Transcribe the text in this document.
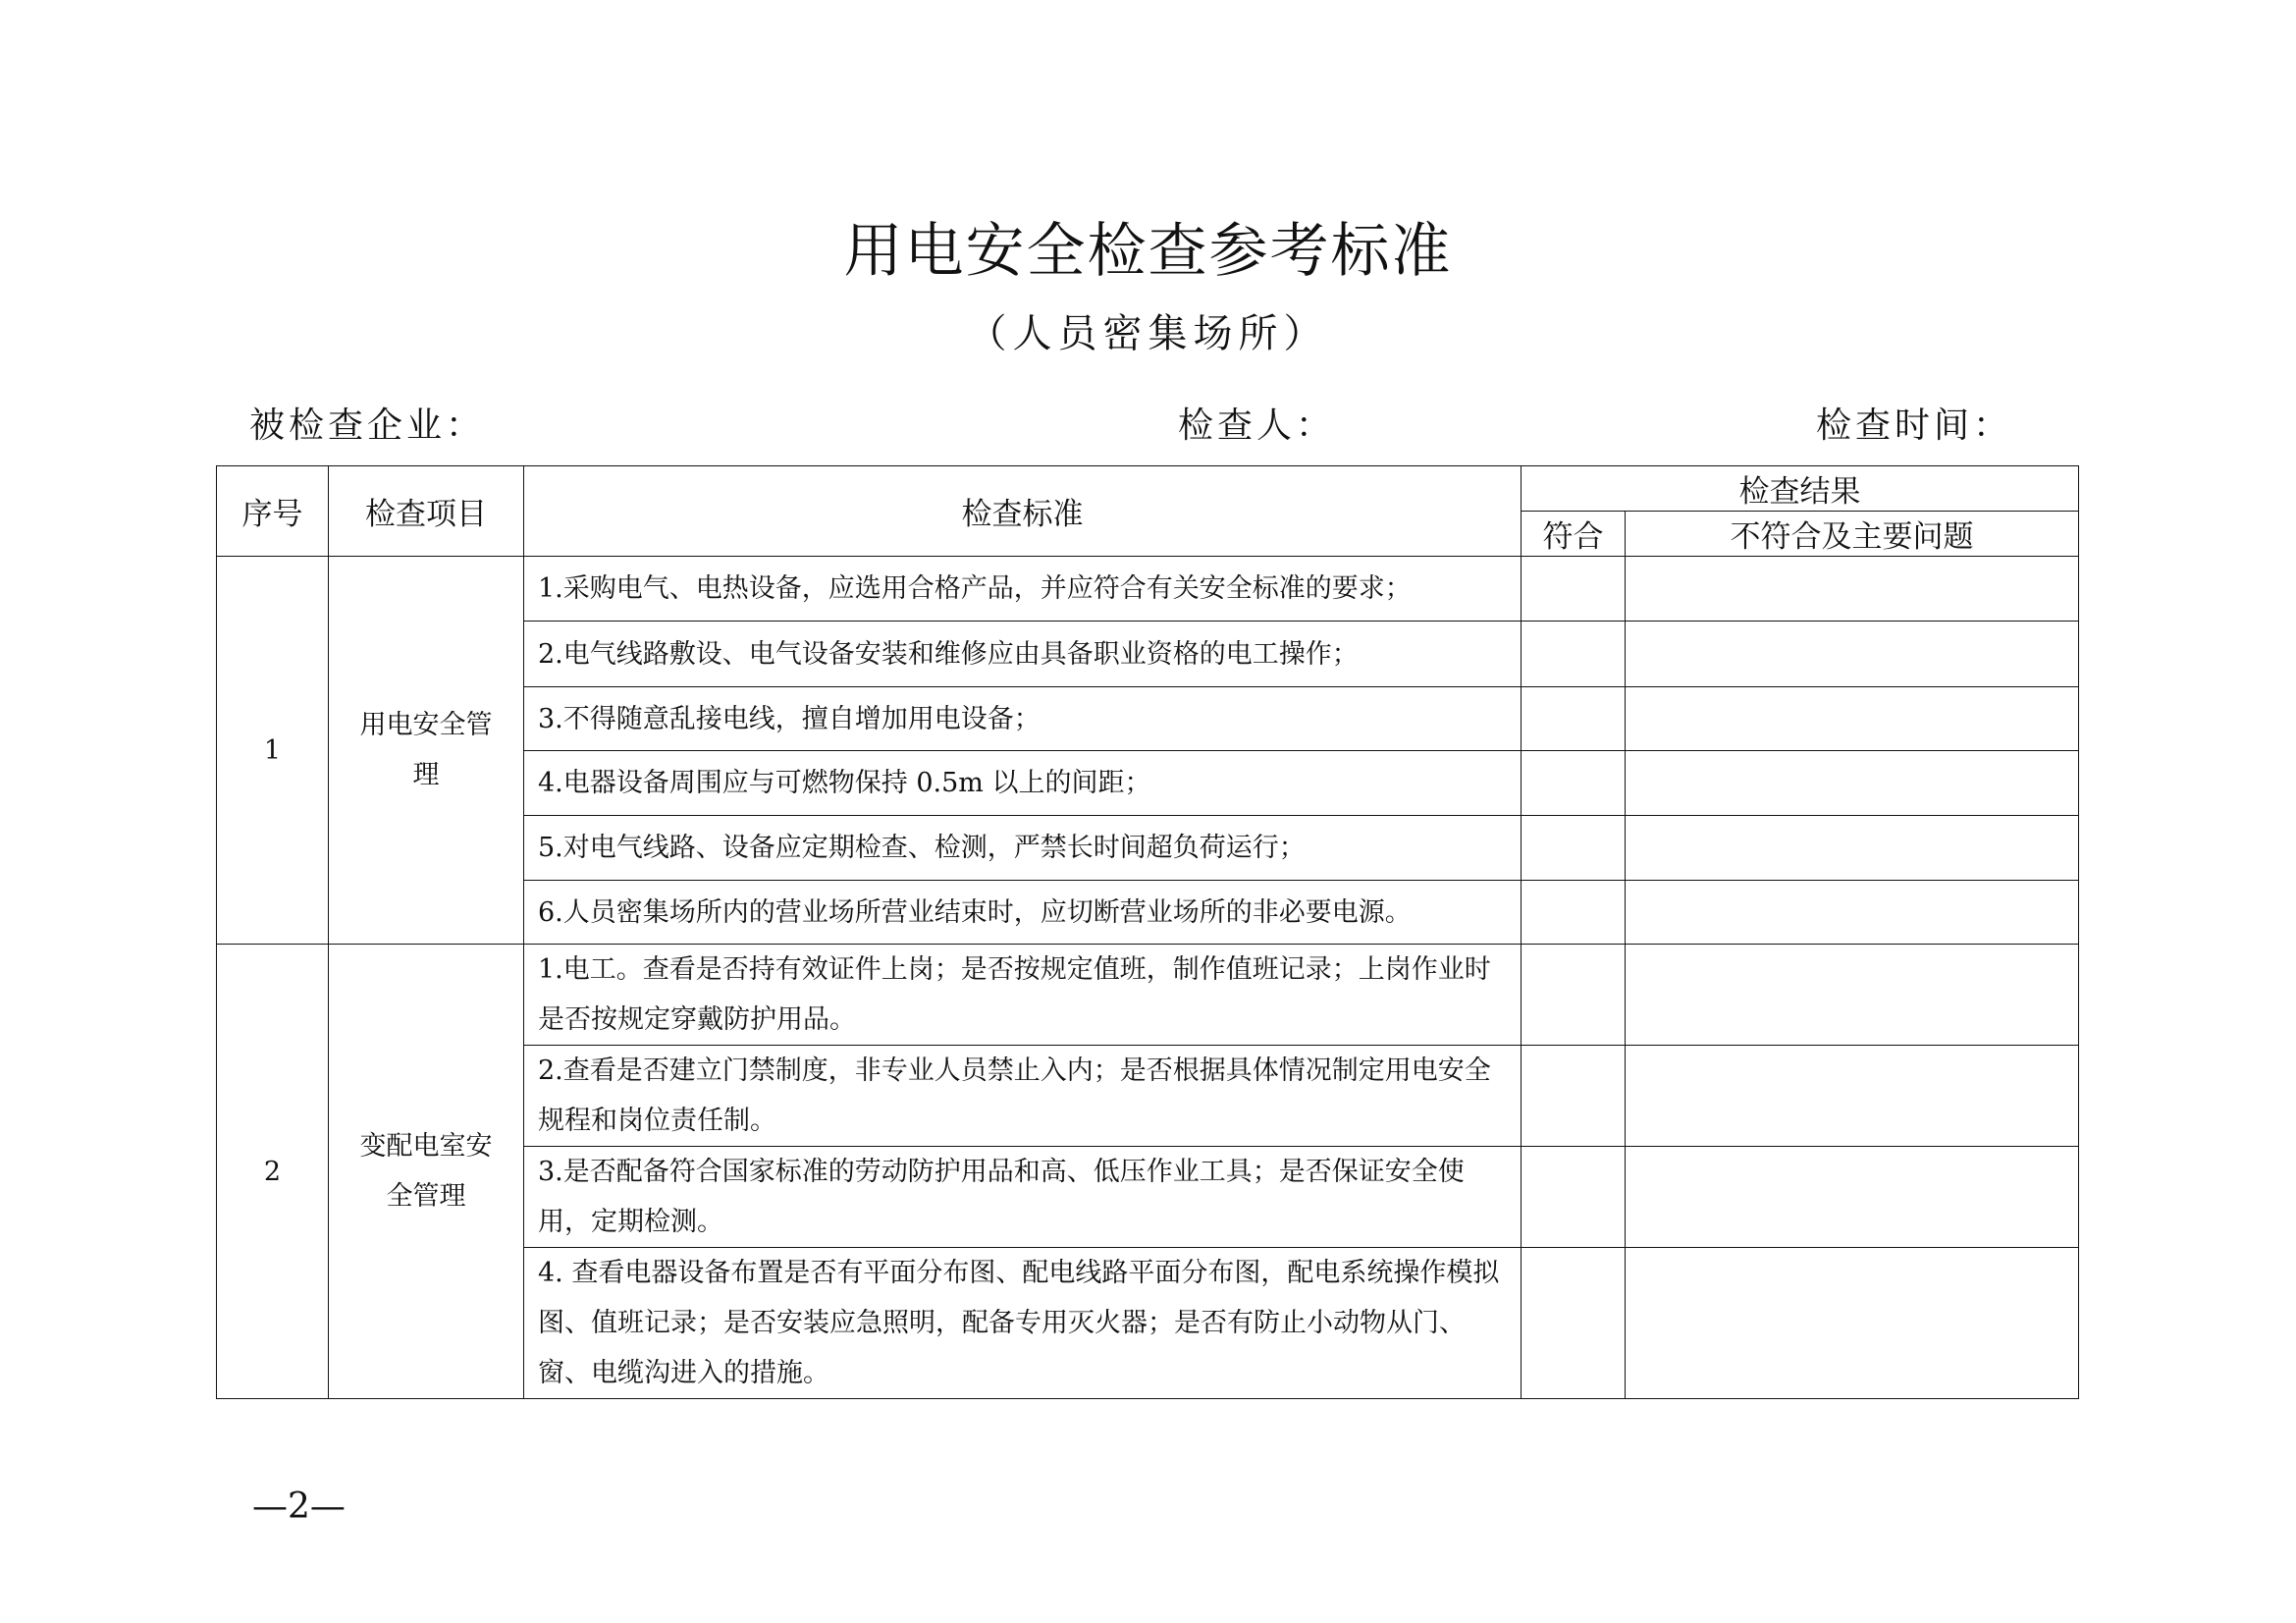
用电安全检查参考标准
（人员密集场所）
被检查企业：	检查人：	检查时间：
序号	检查项目	检查标准	检查结果	
			符合	不符合及主要问题
1	用电安全管理	1.采购电气、电热设备，应选用合格产品，并应符合有关安全标准的要求；		
		2.电气线路敷设、电气设备安装和维修应由具备职业资格的电工操作；		
		3.不得随意乱接电线，擅自增加用电设备；		
		4.电器设备周围应与可燃物保持 0.5m 以上的间距；		
		5.对电气线路、设备应定期检查、检测，严禁长时间超负荷运行；		
		6.人员密集场所内的营业场所营业结束时，应切断营业场所的非必要电源。		
2	变配电室安全管理	1.电工。查看是否持有效证件上岗；是否按规定值班，制作值班记录；上岗作业时是否按规定穿戴防护用品。		
		2.查看是否建立门禁制度，非专业人员禁止入内；是否根据具体情况制定用电安全规程和岗位责任制。		
		3.是否配备符合国家标准的劳动防护用品和高、低压作业工具；是否保证安全使用，定期检测。		
		4. 查看电器设备布置是否有平面分布图、配电线路平面分布图，配电系统操作模拟图、值班记录；是否安装应急照明，配备专用灭火器；是否有防止小动物从门、窗、电缆沟进入的措施。		
—2—
